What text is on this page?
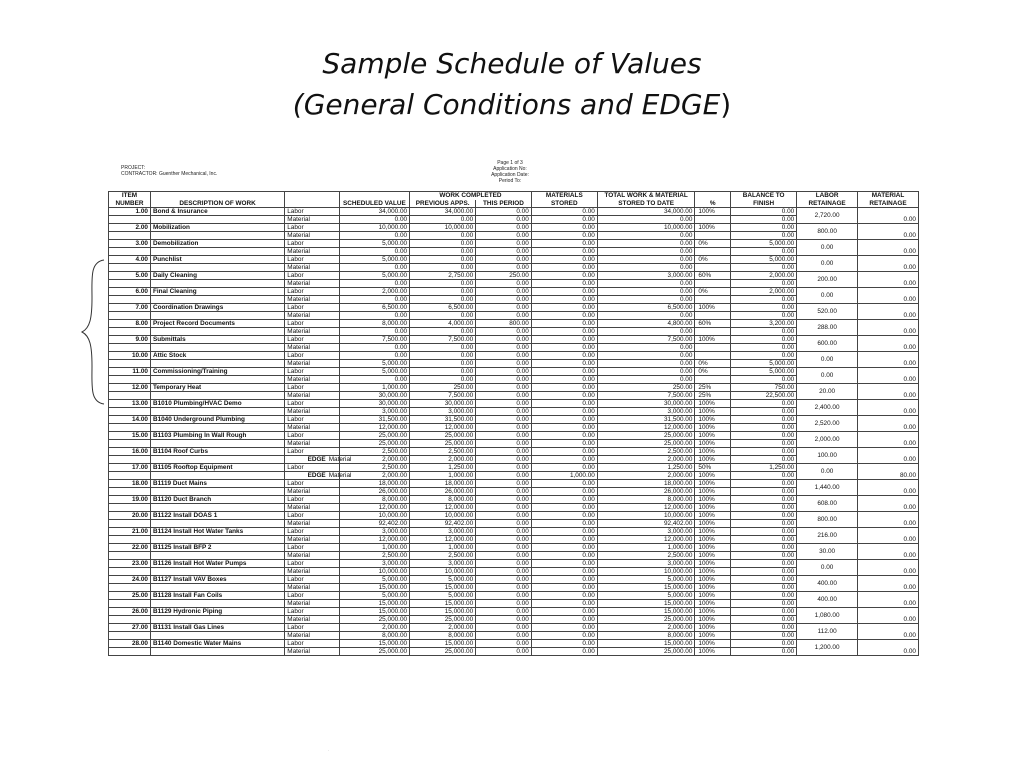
Sample Schedule of Values
(General Conditions and EDGE)
PROJECT:
CONTRACTOR: Guenther Mechanical, Inc.
Page 1 of 3
Application No:
Application Date:
Period To:
ITEM NUMBER	DESCRIPTION OF WORK			SCHEDULED VALUE	WORK COMPLETED		MATERIALS STORED	TOTAL WORK & MATERIAL STORED TO DATE	%	BALANCE TO FINISH	LABOR RETAINAGE	MATERIAL RETAINAGE
					PREVIOUS APPS.	THIS PERIOD						
1.00	Bond & Insurance	Labor		34,000.00	34,000.00	0.00	0.00	34,000.00	100%	0.00	2,720.00	0.00
		Material		0.00	0.00	0.00	0.00	0.00		0.00		
2.00	Mobilization	Labor		10,000.00	10,000.00	0.00	0.00	10,000.00	100%	0.00	800.00	0.00
		Material		0.00	0.00	0.00	0.00	0.00		0.00		
3.00	Demobilization	Labor		5,000.00	0.00	0.00	0.00	0.00	0%	5,000.00	0.00	0.00
		Material		0.00	0.00	0.00	0.00	0.00		0.00		
4.00	Punchlist	Labor		5,000.00	0.00	0.00	0.00	0.00	0%	5,000.00	0.00	0.00
		Material		0.00	0.00	0.00	0.00	0.00		0.00		
5.00	Daily Cleaning	Labor		5,000.00	2,750.00	250.00	0.00	3,000.00	60%	2,000.00	200.00	0.00
		Material		0.00	0.00	0.00	0.00	0.00		0.00		
6.00	Final Cleaning	Labor		2,000.00	0.00	0.00	0.00	0.00	0%	2,000.00	0.00	0.00
		Material		0.00	0.00	0.00	0.00	0.00		0.00		
7.00	Coordination Drawings	Labor		6,500.00	6,500.00	0.00	0.00	6,500.00	100%	0.00	520.00	0.00
		Material		0.00	0.00	0.00	0.00	0.00		0.00		
8.00	Project Record Documents	Labor		8,000.00	4,000.00	800.00	0.00	4,800.00	60%	3,200.00	288.00	0.00
		Material		0.00	0.00	0.00	0.00	0.00		0.00		
9.00	Submittals	Labor		7,500.00	7,500.00	0.00	0.00	7,500.00	100%	0.00	600.00	0.00
		Material		0.00	0.00	0.00	0.00	0.00		0.00		
10.00	Attic Stock	Labor		0.00	0.00	0.00	0.00	0.00		0.00	0.00	0.00
		Material		5,000.00	0.00	0.00	0.00	0.00	0%	5,000.00		
11.00	Commissioning/Training	Labor		5,000.00	0.00	0.00	0.00	0.00	0%	5,000.00	0.00	0.00
		Material		0.00	0.00	0.00	0.00	0.00		0.00		
12.00	Temporary Heat	Labor		1,000.00	250.00	0.00	0.00	250.00	25%	750.00	20.00	0.00
		Material		30,000.00	7,500.00	0.00	0.00	7,500.00	25%	22,500.00		
13.00	B1010 Plumbing/HVAC Demo	Labor		30,000.00	30,000.00	0.00	0.00	30,000.00	100%	0.00	2,400.00	0.00
		Material		3,000.00	3,000.00	0.00	0.00	3,000.00	100%	0.00		
14.00	B1040 Underground Plumbing	Labor		31,500.00	31,500.00	0.00	0.00	31,500.00	100%	0.00	2,520.00	0.00
		Material		12,000.00	12,000.00	0.00	0.00	12,000.00	100%	0.00		
15.00	B1103 Plumbing In Wall Rough	Labor		25,000.00	25,000.00	0.00	0.00	25,000.00	100%	0.00	2,000.00	0.00
		Material		25,000.00	25,000.00	0.00	0.00	25,000.00	100%	0.00		
16.00	B1104 Roof Curbs	Labor		2,500.00	2,500.00	0.00	0.00	2,500.00	100%	0.00	100.00	0.00
		EDGE	Material	2,000.00	2,000.00	0.00	0.00	2,000.00	100%	0.00		
17.00	B1105 Rooftop Equipment	Labor		2,500.00	1,250.00	0.00	0.00	1,250.00	50%	1,250.00	0.00	80.00
		EDGE	Material	2,000.00	1,000.00	0.00	1,000.00	2,000.00	100%	0.00		
18.00	B1119 Duct Mains	Labor		18,000.00	18,000.00	0.00	0.00	18,000.00	100%	0.00	1,440.00	0.00
		Material		26,000.00	26,000.00	0.00	0.00	26,000.00	100%	0.00		
19.00	B1120 Duct Branch	Labor		8,000.00	8,000.00	0.00	0.00	8,000.00	100%	0.00	608.00	0.00
		Material		12,000.00	12,000.00	0.00	0.00	12,000.00	100%	0.00		
20.00	B1122 Install DOAS 1	Labor		10,000.00	10,000.00	0.00	0.00	10,000.00	100%	0.00	800.00	0.00
		Material		92,402.00	92,402.00	0.00	0.00	92,402.00	100%	0.00		
21.00	B1124 Install Hot Water Tanks	Labor		3,000.00	3,000.00	0.00	0.00	3,000.00	100%	0.00	216.00	0.00
		Material		12,000.00	12,000.00	0.00	0.00	12,000.00	100%	0.00		
22.00	B1125 Install BFP 2	Labor		1,000.00	1,000.00	0.00	0.00	1,000.00	100%	0.00	30.00	0.00
		Material		2,500.00	2,500.00	0.00	0.00	2,500.00	100%	0.00		
23.00	B1126 Install Hot Water Pumps	Labor		3,000.00	3,000.00	0.00	0.00	3,000.00	100%	0.00	0.00	0.00
		Material		10,000.00	10,000.00	0.00	0.00	10,000.00	100%	0.00		
24.00	B1127 Install VAV Boxes	Labor		5,000.00	5,000.00	0.00	0.00	5,000.00	100%	0.00	400.00	0.00
		Material		15,000.00	15,000.00	0.00	0.00	15,000.00	100%	0.00		
25.00	B1128 Install Fan Coils	Labor		5,000.00	5,000.00	0.00	0.00	5,000.00	100%	0.00	400.00	0.00
		Material		15,000.00	15,000.00	0.00	0.00	15,000.00	100%	0.00		
26.00	B1129 Hydronic Piping	Labor		15,000.00	15,000.00	0.00	0.00	15,000.00	100%	0.00	1,080.00	0.00
		Material		25,000.00	25,000.00	0.00	0.00	25,000.00	100%	0.00		
27.00	B1131 Install Gas Lines	Labor		2,000.00	2,000.00	0.00	0.00	2,000.00	100%	0.00	112.00	0.00
		Material		8,000.00	8,000.00	0.00	0.00	8,000.00	100%	0.00		
28.00	B1140 Domestic Water Mains	Labor		15,000.00	15,000.00	0.00	0.00	15,000.00	100%	0.00	1,200.00	0.00
		Material		25,000.00	25,000.00	0.00	0.00	25,000.00	100%	0.00		
·
